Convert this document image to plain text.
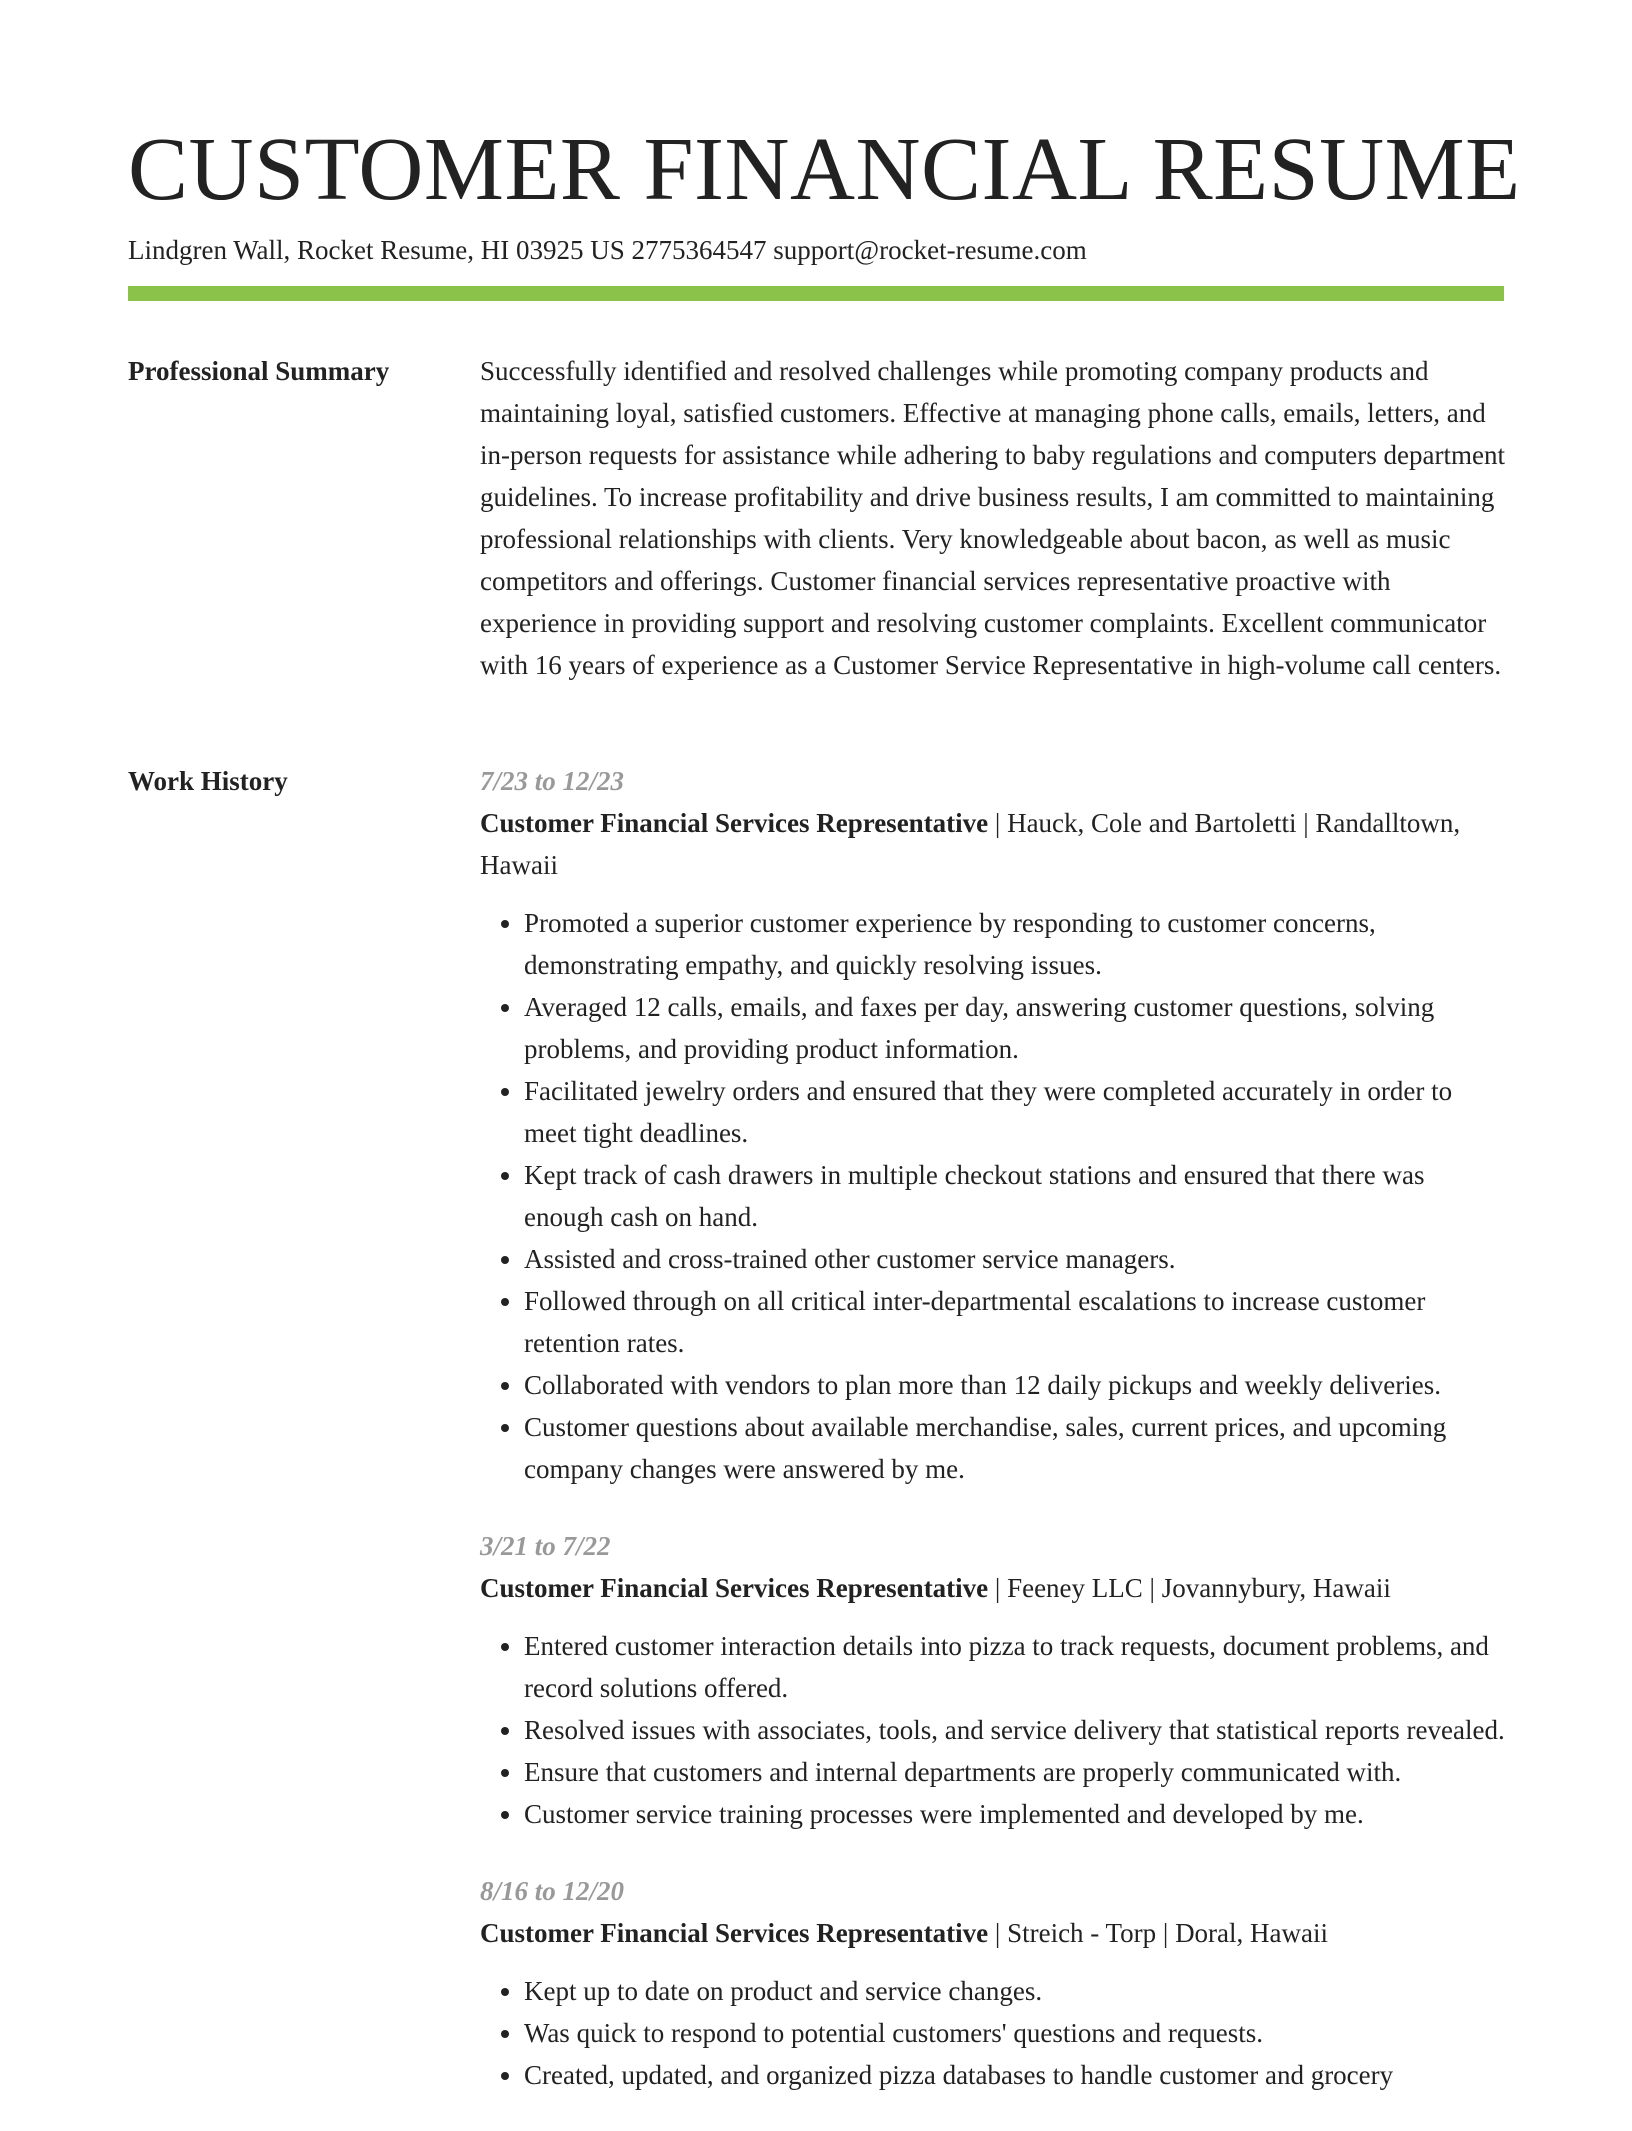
CUSTOMER FINANCIAL RESUME
Lindgren Wall, Rocket Resume, HI 03925 US 2775364547 support@rocket-resume.com
Professional Summary	Successfully identified and resolved challenges while promoting company products and maintaining loyal, satisfied customers. Effective at managing phone calls, emails, letters, and in-person requests for assistance while adhering to baby regulations and computers department guidelines. To increase profitability and drive business results, I am committed to maintaining professional relationships with clients. Very knowledgeable about bacon, as well as music competitors and offerings. Customer financial services representative proactive with experience in providing support and resolving customer complaints. Excellent communicator with 16 years of experience as a Customer Service Representative in high-volume call centers.

Work History	7/23 to 12/23
Customer Financial Services Representative | Hauck, Cole and Bartoletti | Randalltown, Hawaii
• Promoted a superior customer experience by responding to customer concerns, demonstrating empathy, and quickly resolving issues.
• Averaged 12 calls, emails, and faxes per day, answering customer questions, solving problems, and providing product information.
• Facilitated jewelry orders and ensured that they were completed accurately in order to meet tight deadlines.
• Kept track of cash drawers in multiple checkout stations and ensured that there was enough cash on hand.
• Assisted and cross-trained other customer service managers.
• Followed through on all critical inter-departmental escalations to increase customer retention rates.
• Collaborated with vendors to plan more than 12 daily pickups and weekly deliveries.
• Customer questions about available merchandise, sales, current prices, and upcoming company changes were answered by me.
3/21 to 7/22
Customer Financial Services Representative | Feeney LLC | Jovannybury, Hawaii
• Entered customer interaction details into pizza to track requests, document problems, and record solutions offered.
• Resolved issues with associates, tools, and service delivery that statistical reports revealed.
• Ensure that customers and internal departments are properly communicated with.
• Customer service training processes were implemented and developed by me.
8/16 to 12/20
Customer Financial Services Representative | Streich - Torp | Doral, Hawaii
• Kept up to date on product and service changes.
• Was quick to respond to potential customers' questions and requests.
• Created, updated, and organized pizza databases to handle customer and grocery
